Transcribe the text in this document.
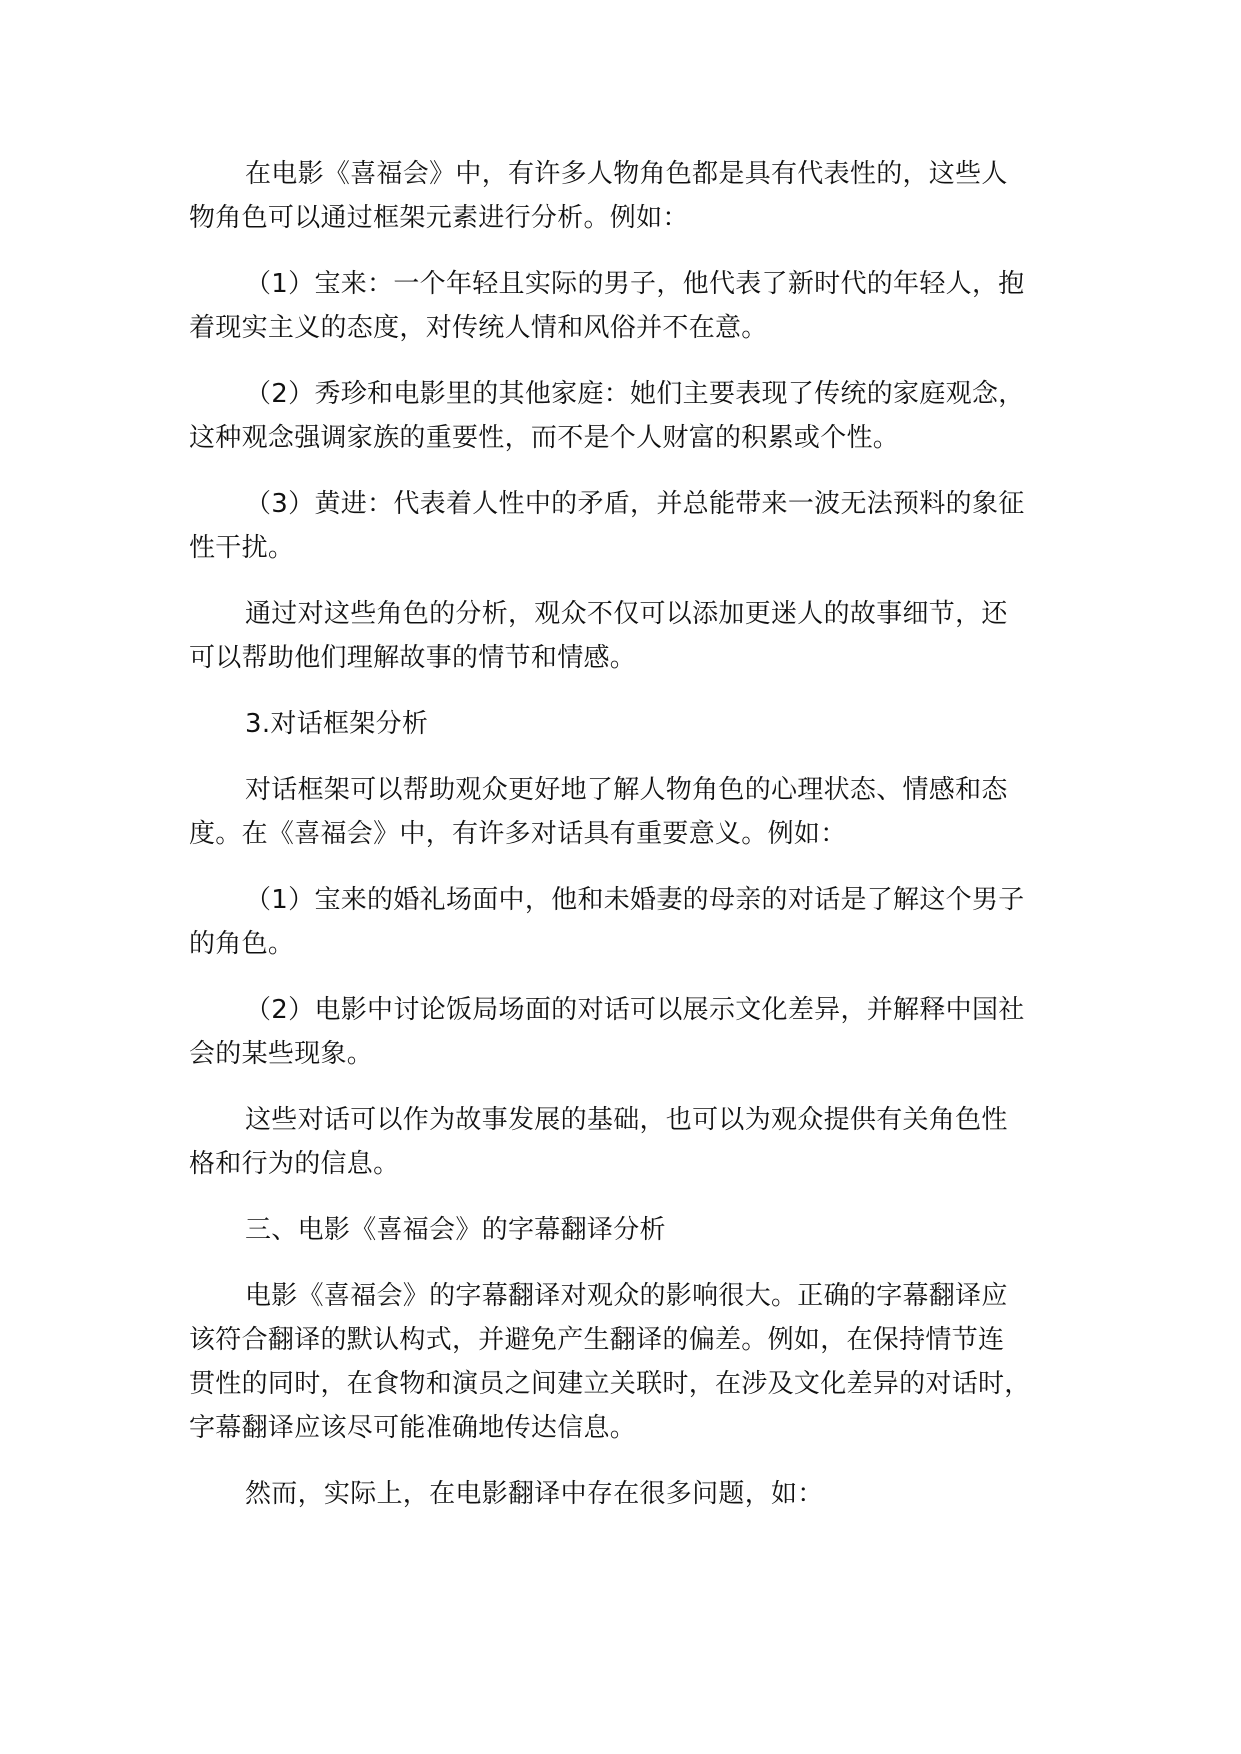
在电影《喜福会》中，有许多人物角色都是具有代表性的，这些人
物角色可以通过框架元素进行分析。例如：

（1）宝来：一个年轻且实际的男子，他代表了新时代的年轻人，抱
着现实主义的态度，对传统人情和风俗并不在意。

（2）秀珍和电影里的其他家庭：她们主要表现了传统的家庭观念，
这种观念强调家族的重要性，而不是个人财富的积累或个性。

（3）黄进：代表着人性中的矛盾，并总能带来一波无法预料的象征
性干扰。

通过对这些角色的分析，观众不仅可以添加更迷人的故事细节，还
可以帮助他们理解故事的情节和情感。

3.对话框架分析

对话框架可以帮助观众更好地了解人物角色的心理状态、情感和态
度。在《喜福会》中，有许多对话具有重要意义。例如：

（1）宝来的婚礼场面中，他和未婚妻的母亲的对话是了解这个男子
的角色。

（2）电影中讨论饭局场面的对话可以展示文化差异，并解释中国社
会的某些现象。

这些对话可以作为故事发展的基础，也可以为观众提供有关角色性
格和行为的信息。

三、电影《喜福会》的字幕翻译分析

电影《喜福会》的字幕翻译对观众的影响很大。正确的字幕翻译应
该符合翻译的默认构式，并避免产生翻译的偏差。例如，在保持情节连
贯性的同时，在食物和演员之间建立关联时，在涉及文化差异的对话时，
字幕翻译应该尽可能准确地传达信息。

然而，实际上，在电影翻译中存在很多问题，如：
